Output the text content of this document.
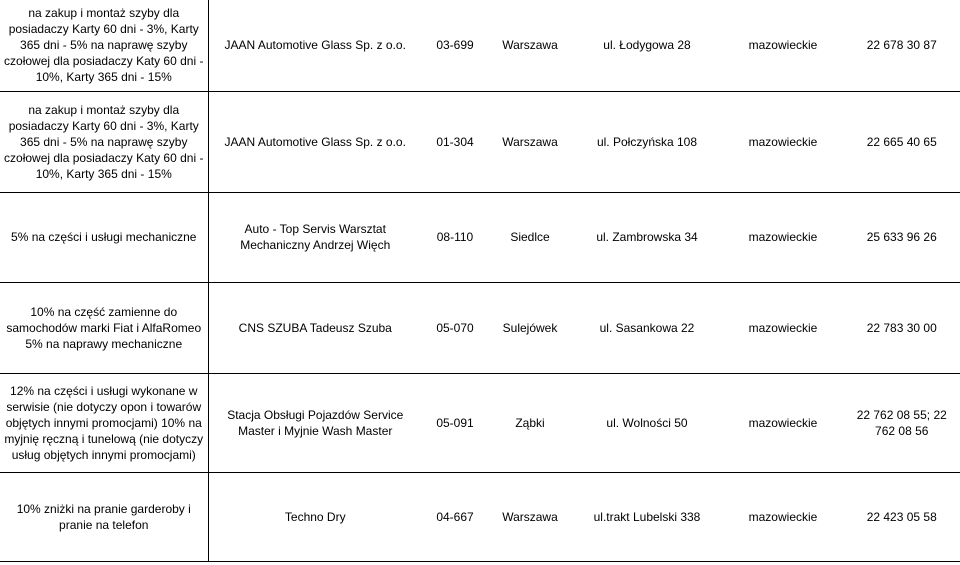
na zakup i montaż szyby dla posiadaczy Karty 60 dni - 3%, Karty 365 dni - 5% na naprawę szyby czołowej dla posiadaczy Katy 60 dni - 10%, Karty 365 dni - 15%	JAAN Automotive Glass Sp. z o.o.	03-699	Warszawa	ul. Łodygowa 28	mazowieckie	22 678 30 87
na zakup i montaż szyby dla posiadaczy Karty 60 dni - 3%, Karty 365 dni - 5% na naprawę szyby czołowej dla posiadaczy Katy 60 dni - 10%, Karty 365 dni - 15%	JAAN Automotive Glass Sp. z o.o.	01-304	Warszawa	ul. Połczyńska 108	mazowieckie	22 665 40 65
5% na części i usługi mechaniczne	Auto - Top Servis Warsztat Mechaniczny Andrzej Więch	08-110	Siedlce	ul. Zambrowska 34	mazowieckie	25 633 96 26
10% na część zamienne do samochodów marki Fiat i AlfaRomeo 5% na naprawy mechaniczne	CNS SZUBA Tadeusz Szuba	05-070	Sulejówek	ul. Sasankowa 22	mazowieckie	22 783 30 00
12% na części i usługi wykonane w serwisie (nie dotyczy opon i towarów objętych innymi promocjami) 10% na myjnię ręczną i tunelową (nie dotyczy usług objętych innymi promocjami)	Stacja Obsługi Pojazdów Service Master i Myjnie Wash Master	05-091	Ząbki	ul. Wolności 50	mazowieckie	22 762 08 55; 22 762 08 56
10% zniżki na pranie garderoby i pranie na telefon	Techno Dry	04-667	Warszawa	ul.trakt Lubelski 338	mazowieckie	22 423 05 58
